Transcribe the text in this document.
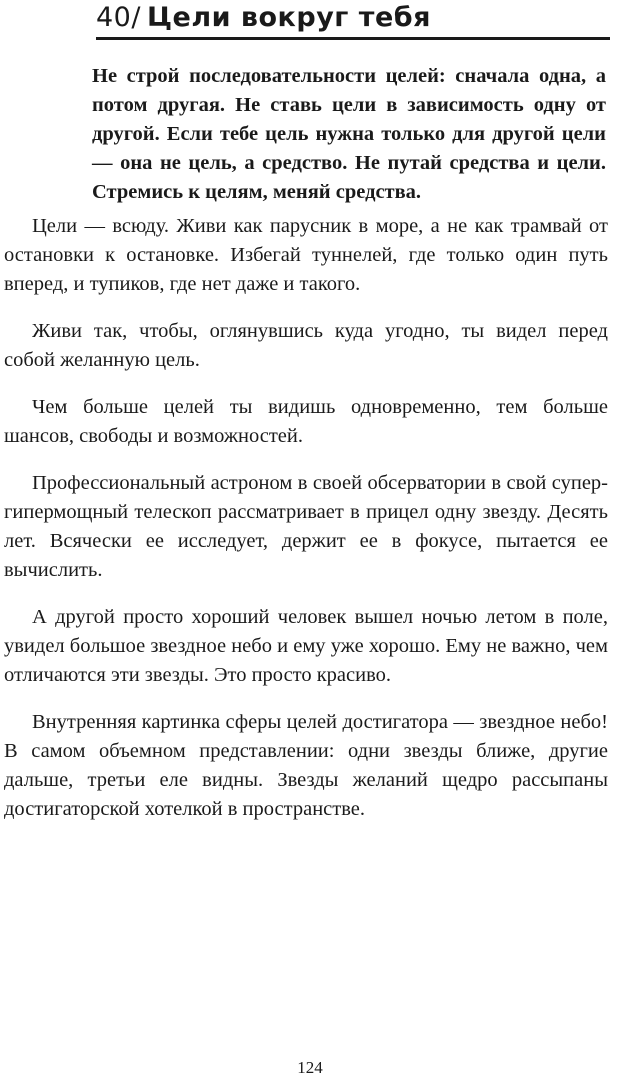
40/ Цели вокруг тебя

Не строй последовательности целей: сначала одна, а потом другая. Не ставь цели в зависимость одну от другой. Если тебе цель нужна только для другой цели — она не цель, а средство. Не путай средства и цели. Стремись к целям, меняй средства.

Цели — всюду. Живи как парусник в море, а не как трамвай от остановки к остановке. Избегай туннелей, где только один путь вперед, и тупиков, где нет даже и такого.

Живи так, чтобы, оглянувшись куда угодно, ты видел перед собой желанную цель.

Чем больше целей ты видишь одновременно, тем больше шансов, свободы и возможностей.

Профессиональный астроном в своей обсерватории в свой супер-гипермощный телескоп рассматривает в прицел одну звезду. Десять лет. Всячески ее исследует, держит ее в фокусе, пытается ее вычислить.

А другой просто хороший человек вышел ночью летом в поле, увидел большое звездное небо и ему уже хорошо. Ему не важно, чем отличаются эти звезды. Это просто красиво.

Внутренняя картинка сферы целей достигатора — звездное небо! В самом объемном представлении: одни звезды ближе, другие дальше, третьи еле видны. Звезды желаний щедро рассыпаны достигаторской хотелкой в пространстве.

124
